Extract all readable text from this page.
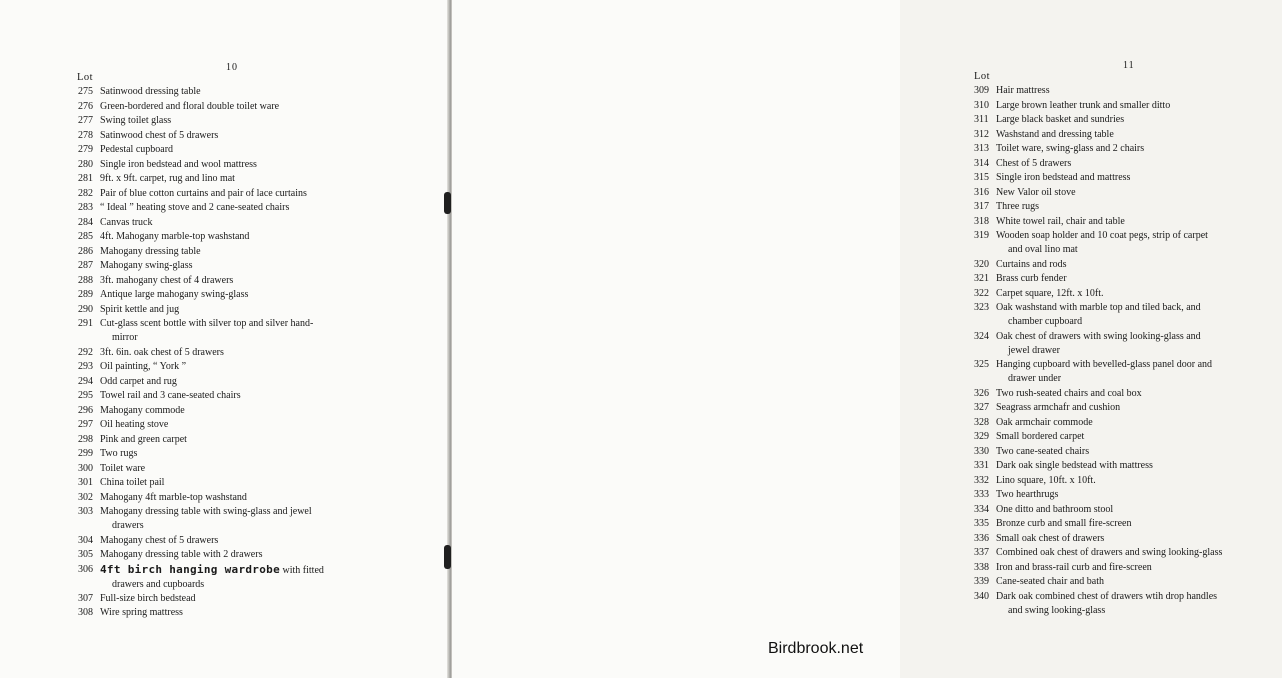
10
Lot
275 Satinwood dressing table
276 Green-bordered and floral double toilet ware
277 Swing toilet glass
278 Satinwood chest of 5 drawers
279 Pedestal cupboard
280 Single iron bedstead and wool mattress
281 9ft. x 9ft. carpet, rug and lino mat
282 Pair of blue cotton curtains and pair of lace curtains
283 “ Ideal ” heating stove and 2 cane-seated chairs
284 Canvas truck
285 4ft. Mahogany marble-top washstand
286 Mahogany dressing table
287 Mahogany swing-glass
288 3ft. mahogany chest of 4 drawers
289 Antique large mahogany swing-glass
290 Spirit kettle and jug
291 Cut-glass scent bottle with silver top and silver hand-
mirror
292 3ft. 6in. oak chest of 5 drawers
293 Oil painting, “ York ”
294 Odd carpet and rug
295 Towel rail and 3 cane-seated chairs
296 Mahogany commode
297 Oil heating stove
298 Pink and green carpet
299 Two rugs
300 Toilet ware
301 China toilet pail
302 Mahogany 4ft marble-top washstand
303 Mahogany dressing table with swing-glass and jewel
drawers
304 Mahogany chest of 5 drawers
305 Mahogany dressing table with 2 drawers
306 4ft birch hanging wardrobe with fitted
drawers and cupboards
307 Full-size birch bedstead
308 Wire spring mattress
11
Lot
309 Hair mattress
310 Large brown leather trunk and smaller ditto
311 Large black basket and sundries
312 Washstand and dressing table
313 Toilet ware, swing-glass and 2 chairs
314 Chest of 5 drawers
315 Single iron bedstead and mattress
316 New Valor oil stove
317 Three rugs
318 White towel rail, chair and table
319 Wooden soap holder and 10 coat pegs, strip of carpet
and oval lino mat
320 Curtains and rods
321 Brass curb fender
322 Carpet square, 12ft. x 10ft.
323 Oak washstand with marble top and tiled back, and
chamber cupboard
324 Oak chest of drawers with swing looking-glass and
jewel drawer
325 Hanging cupboard with bevelled-glass panel door and
drawer under
326 Two rush-seated chairs and coal box
327 Seagrass armchafr and cushion
328 Oak armchair commode
329 Small bordered carpet
330 Two cane-seated chairs
331 Dark oak single bedstead with mattress
332 Lino square, 10ft. x 10ft.
333 Two hearthrugs
334 One ditto and bathroom stool
335 Bronze curb and small fire-screen
336 Small oak chest of drawers
337 Combined oak chest of drawers and swing looking-glass
338 Iron and brass-rail curb and fire-screen
339 Cane-seated chair and bath
340 Dark oak combined chest of drawers wtih drop handles
and swing looking-glass
Birdbrook.net
